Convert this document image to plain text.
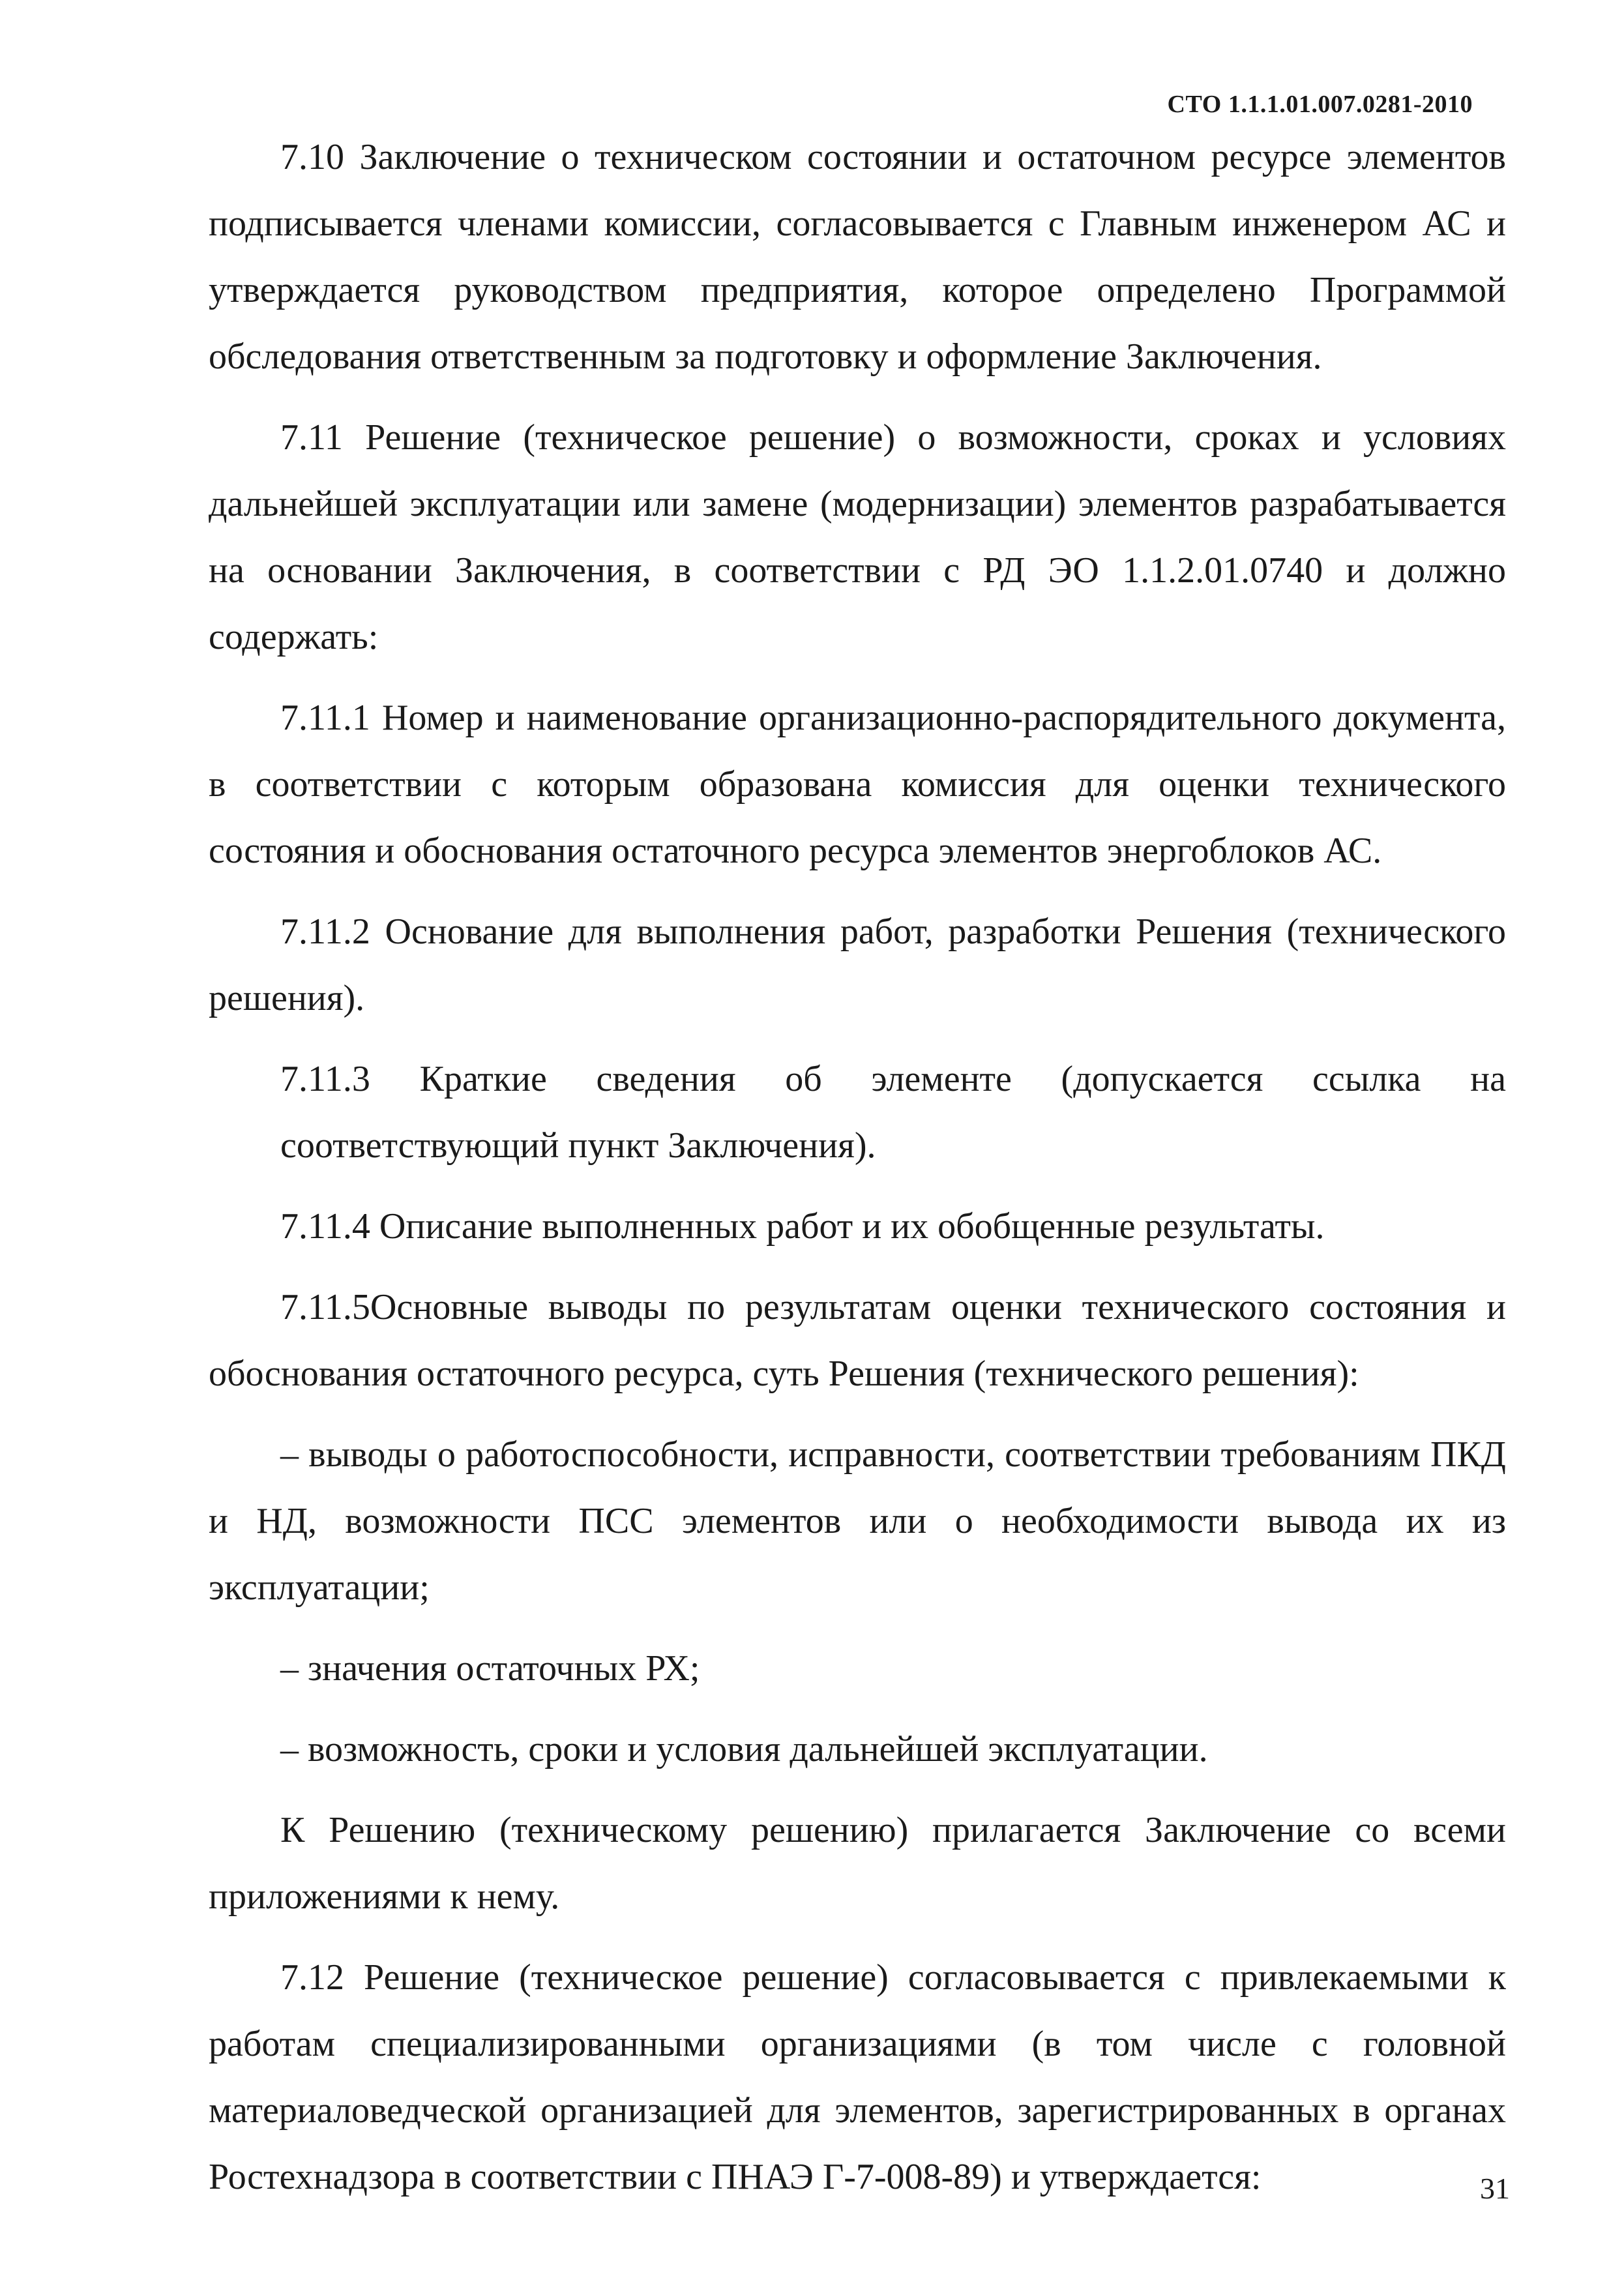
СТО 1.1.1.01.007.0281-2010

7.10 Заключение о техническом состоянии и остаточном ресурсе элементов подписывается членами комиссии, согласовывается с Главным инженером АС и утверждается руководством предприятия, которое определено Программой обследования ответственным за подготовку и оформление Заключения.

7.11 Решение (техническое решение) о возможности, сроках и условиях дальнейшей эксплуатации или замене (модернизации) элементов разрабатывается на основании Заключения, в соответствии с РД ЭО 1.1.2.01.0740 и должно содержать:

7.11.1 Номер и наименование организационно-распорядительного документа, в соответствии с которым образована комиссия для оценки технического состояния и обоснования остаточного ресурса элементов энергоблоков АС.

7.11.2 Основание для выполнения работ, разработки Решения (технического решения).

7.11.3 Краткие сведения об элементе (допускается ссылка на соответствующий пункт Заключения).

7.11.4 Описание выполненных работ и их обобщенные результаты.

7.11.5Основные выводы по результатам оценки технического состояния и обоснования остаточного ресурса, суть Решения (технического решения):

– выводы о работоспособности, исправности, соответствии требованиям ПКД и НД, возможности ПСС элементов или о необходимости вывода их из эксплуатации;

– значения остаточных РХ;

– возможность, сроки и условия дальнейшей эксплуатации.

К Решению (техническому решению) прилагается Заключение со всеми приложениями к нему.

7.12 Решение (техническое решение) согласовывается с привлекаемыми к работам специализированными организациями (в том числе с головной материаловедческой организацией для элементов, зарегистрированных в органах Ростехнадзора в соответствии с ПНАЭ Г-7-008-89) и утверждается:	31
